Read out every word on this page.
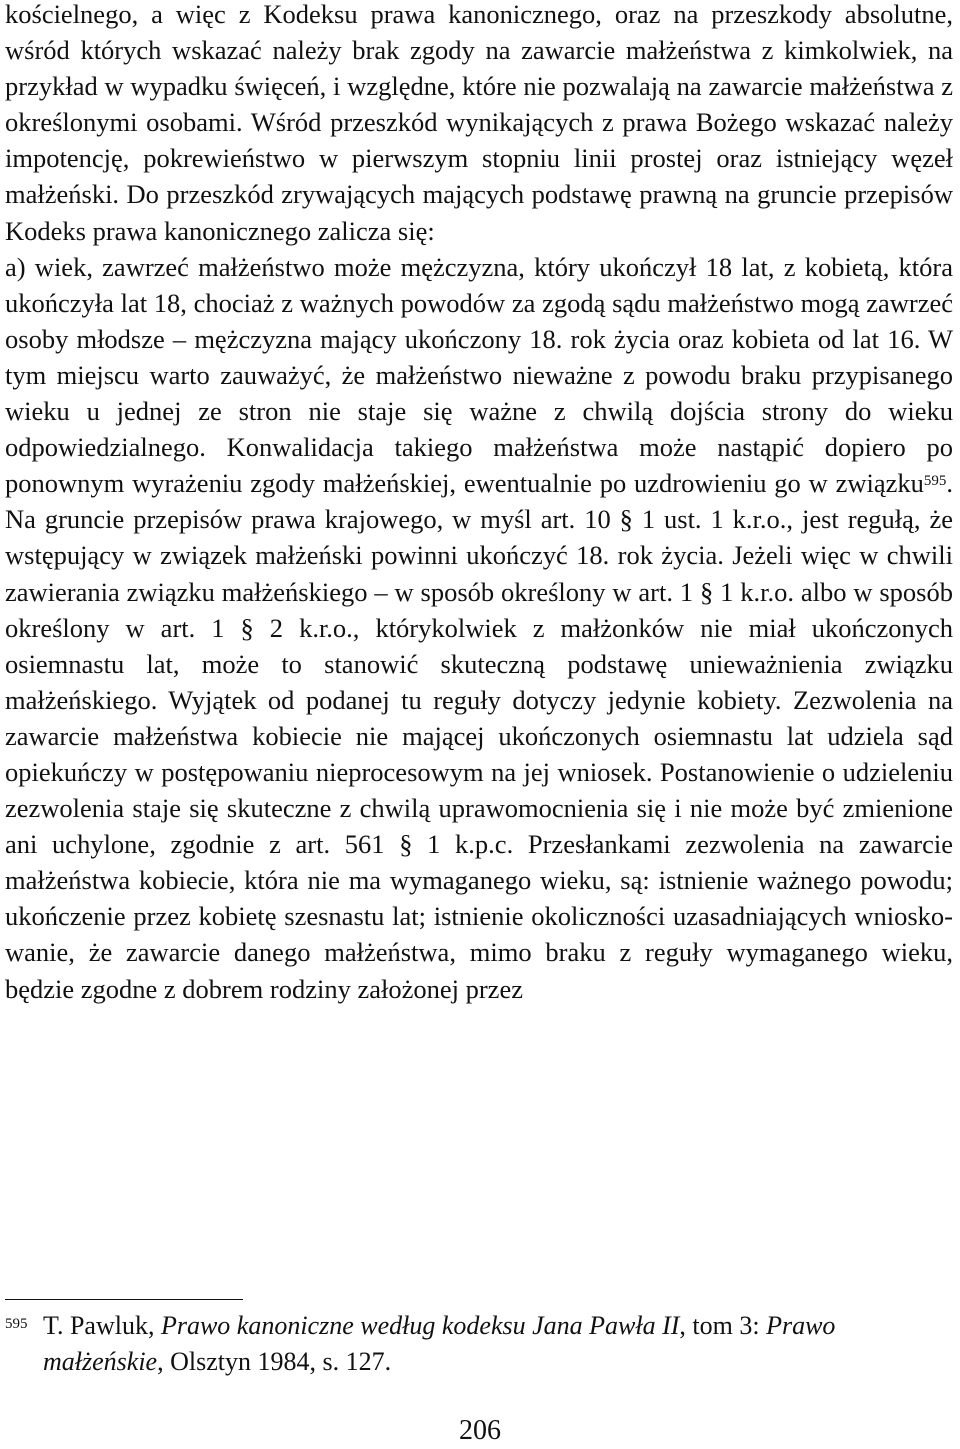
kościelnego, a więc z Kodeksu prawa kanonicznego, oraz na przeszkody absolutne, wśród których wskazać należy brak zgody na zawarcie małżeństwa z kimkolwiek, na przykład w wypadku święceń, i względne, które nie pozwalają na zawarcie małżeństwa z określonymi osobami. Wśród przeszkód wynikających z prawa Bożego wskazać należy impotencję, pokrewieństwo w pierwszym stopniu linii prostej oraz istniejący węzeł małżeński. Do przeszkód zrywających mających podstawę prawną na gruncie przepisów Kodeks prawa kanonicznego zalicza się:

a) wiek, zawrzeć małżeństwo może mężczyzna, który ukończył 18 lat, z kobietą, która ukończyła lat 18, chociaż z ważnych powodów za zgodą sądu małżeństwo mogą zawrzeć osoby młodsze – mężczyzna mający ukończony 18. rok życia oraz kobieta od lat 16. W tym miejscu warto zauważyć, że małżeństwo nieważne z powodu braku przypisanego wieku u jednej ze stron nie staje się ważne z chwilą dojścia strony do wieku odpowiedzialnego. Konwalidacja takiego małżeństwa może nastąpić dopiero po ponownym wyrażeniu zgody małżeńskiej, ewentualnie po uzdrowieniu go w związku$^{595}$. Na gruncie przepisów prawa krajowego, w myśl art. 10 § 1 ust. 1 k.r.o., jest regułą, że wstępujący w związek małżeński powinni ukończyć 18. rok życia. Jeżeli więc w chwili zawierania związku małżeńskiego – w sposób określony w art. 1 § 1 k.r.o. albo w sposób określony w art. 1 § 2 k.r.o., którykolwiek z małżonków nie miał ukończonych osiemnastu lat, może to stanowić skuteczną podstawę unieważnienia związku małżeńskiego. Wyjątek od podanej tu reguły dotyczy jedynie kobiety. Zezwolenia na zawarcie małżeństwa kobiecie nie mającej ukończonych osiemnastu lat udziela sąd opiekuńczy w postępowaniu nieprocesowym na jej wniosek. Postanowienie o udzieleniu zezwolenia staje się skuteczne z chwilą uprawomocnienia się i nie może być zmienione ani uchylone, zgodnie z art. 561 § 1 k.p.c. Przesłankami zezwolenia na zawarcie małżeństwa kobiecie, która nie ma wymaganego wieku, są: istnienie ważnego powodu; ukończenie przez kobietę szesnastu lat; istnienie okoliczności uzasadniających wniosko-wanie, że zawarcie danego małżeństwa, mimo braku z reguły wymaganego wieku, będzie zgodne z dobrem rodziny założonej przez

595 T. Pawluk, Prawo kanoniczne według kodeksu Jana Pawła II, tom 3: Prawo małżeńskie, Olsztyn 1984, s. 127.
206
